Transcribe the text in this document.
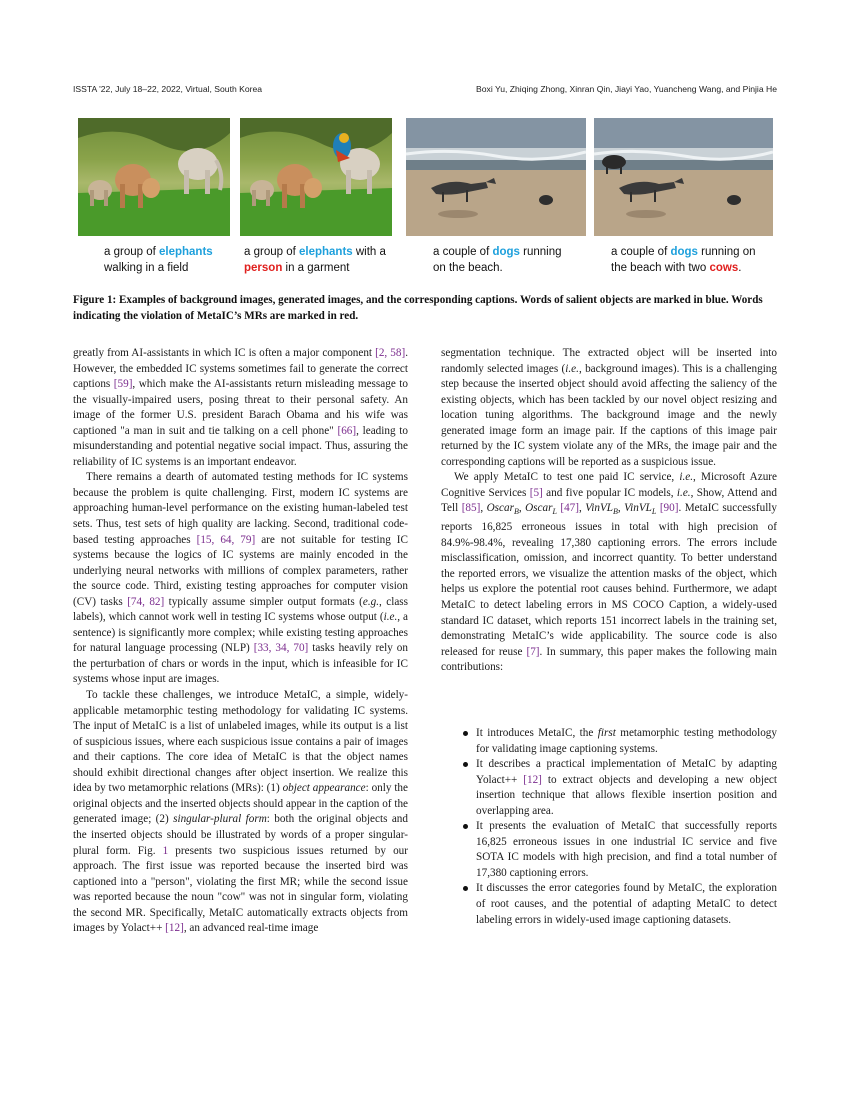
ISSTA '22, July 18–22, 2022, Virtual, South Korea	Boxi Yu, Zhiqing Zhong, Xinran Qin, Jiayi Yao, Yuancheng Wang, and Pinjia He
a group of elephants
walking in a field
a group of elephants with a
person in a garment
a couple of dogs running
on the beach.
a couple of dogs running on
the beach with two cows.
Figure 1: Examples of background images, generated images, and the corresponding captions. Words of salient objects are marked in blue. Words indicating the violation of MetaIC’s MRs are marked in red.

greatly from AI-assistants in which IC is often a major component [2, 58]. However, the embedded IC systems sometimes fail to generate the correct captions [59], which make the AI-assistants return misleading message to the visually-impaired users, posing threat to their personal safety. An image of the former U.S. president Barach Obama and his wife was captioned "a man in suit and tie talking on a cell phone" [66], leading to misunderstanding and potential negative social impact. Thus, assuring the reliability of IC systems is an important endeavor.

There remains a dearth of automated testing methods for IC systems because the problem is quite challenging. First, modern IC systems are approaching human-level performance on the existing human-labeled test sets. Thus, test sets of high quality are lacking. Second, traditional code-based testing approaches [15, 64, 79] are not suitable for testing IC systems because the logics of IC systems are mainly encoded in the underlying neural networks with millions of complex parameters, rather the source code. Third, existing testing approaches for computer vision (CV) tasks [74, 82] typically assume simpler output formats (e.g., class labels), which cannot work well in testing IC systems whose output (i.e., a sentence) is significantly more complex; while existing testing approaches for natural language processing (NLP) [33, 34, 70] tasks heavily rely on the perturbation of chars or words in the input, which is infeasible for IC systems whose input are images.

To tackle these challenges, we introduce MetaIC, a simple, widely-applicable metamorphic testing methodology for validating IC systems. The input of MetaIC is a list of unlabeled images, while its output is a list of suspicious issues, where each suspicious issue contains a pair of images and their captions. The core idea of MetaIC is that the object names should exhibit directional changes after object insertion. We realize this idea by two metamorphic relations (MRs): (1) object appearance: only the original objects and the inserted objects should appear in the caption of the generated image; (2) singular-plural form: both the original objects and the inserted objects should be illustrated by words of a proper singular-plural form. Fig. 1 presents two suspicious issues returned by our approach. The first issue was reported because the inserted bird was captioned into a "person", violating the first MR; while the second issue was reported because the noun "cow" was not in singular form, violating the second MR. Specifically, MetaIC automatically extracts objects from images by Yolact++ [12], an advanced real-time image

segmentation technique. The extracted object will be inserted into randomly selected images (i.e., background images). This is a challenging step because the inserted object should avoid affecting the saliency of the existing objects, which has been tackled by our novel object resizing and location tuning algorithms. The background image and the newly generated image form an image pair. If the captions of this image pair returned by the IC system violate any of the MRs, the image pair and the corresponding captions will be reported as a suspicious issue.

We apply MetaIC to test one paid IC service, i.e., Microsoft Azure Cognitive Services [5] and five popular IC models, i.e., Show, Attend and Tell [85], Oscar$_B$, Oscar$_L$ [47], VinVL$_B$, VinVL$_L$ [90]. MetaIC successfully reports 16,825 erroneous issues in total with high precision of 84.9%-98.4%, revealing 17,380 captioning errors. The errors include misclassification, omission, and incorrect quantity. To better understand the reported errors, we visualize the attention masks of the object, which helps us explore the potential root causes behind. Furthermore, we adapt MetaIC to detect labeling errors in MS COCO Caption, a widely-used standard IC dataset, which reports 151 incorrect labels in the training set, demonstrating MetaIC’s wide applicability. The source code is also released for reuse [7]. In summary, this paper makes the following main contributions:

It introduces MetaIC, the first metamorphic testing methodology for validating image captioning systems.
It describes a practical implementation of MetaIC by adapting Yolact++ [12] to extract objects and developing a new object insertion technique that allows flexible insertion position and overlapping area.
It presents the evaluation of MetaIC that successfully reports 16,825 erroneous issues in one industrial IC service and five SOTA IC models with high precision, and find a total number of 17,380 captioning errors.
It discusses the error categories found by MetaIC, the exploration of root causes, and the potential of adapting MetaIC to detect labeling errors in widely-used image captioning datasets.
